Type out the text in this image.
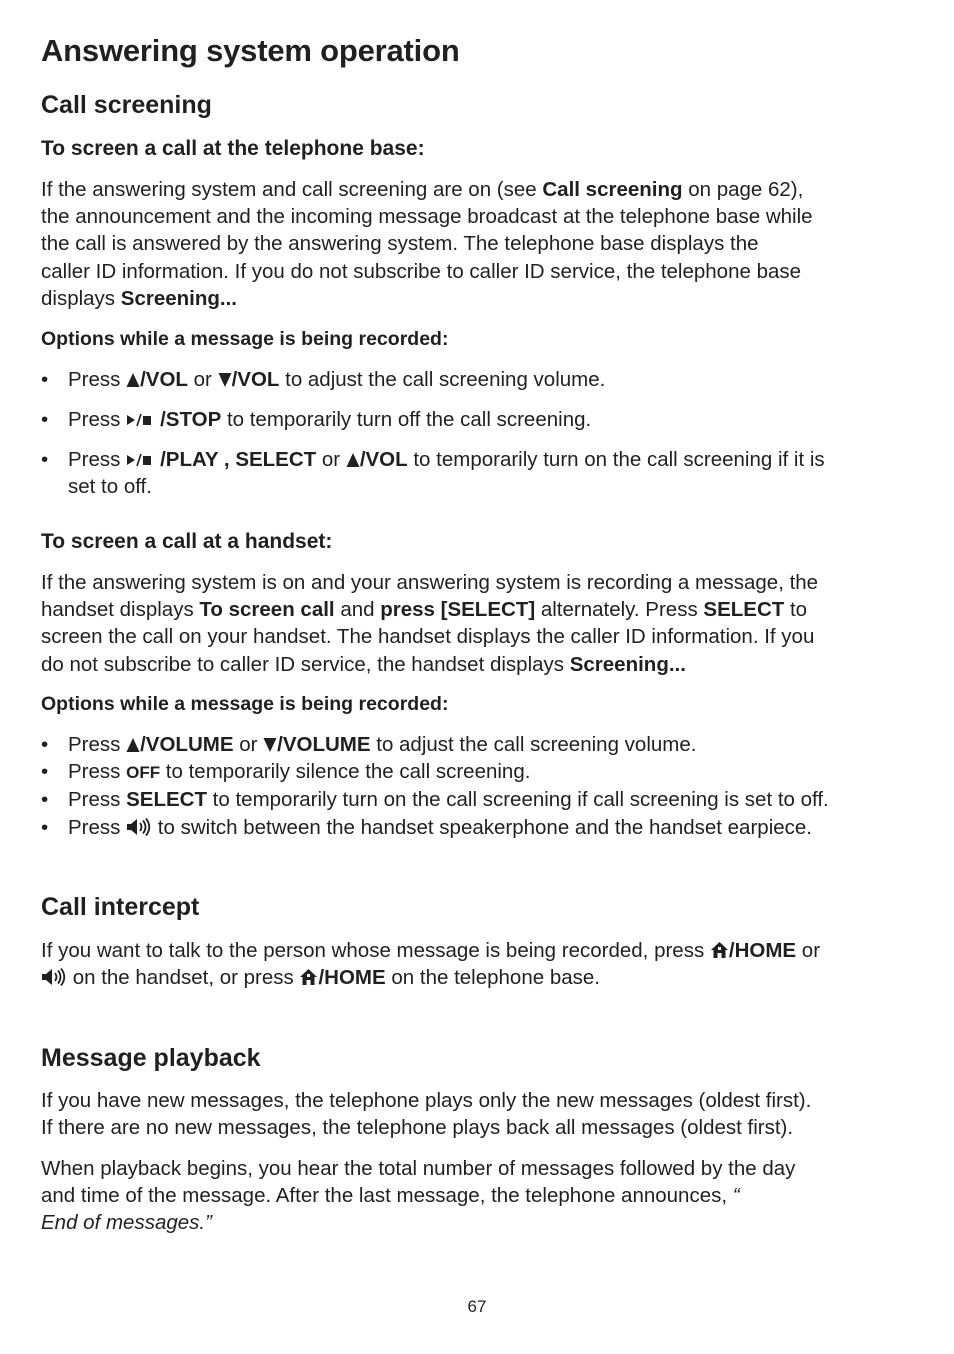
Answering system operation
Call screening
To screen a call at the telephone base:

If the answering system and call screening are on (see Call screening on page 62),
the announcement and the incoming message broadcast at the telephone base while
the call is answered by the answering system. The telephone base displays the
caller ID information. If you do not subscribe to caller ID service, the telephone base
displays Screening...

Options while a message is being recorded:
• Press /VOL or /VOL to adjust the call screening volume.
• Press /STOP to temporarily turn off the call screening.
• Press /PLAY , SELECT or /VOL to temporarily turn on the call screening if it is
set to off.
To screen a call at a handset:

If the answering system is on and your answering system is recording a message, the
handset displays To screen call and press [SELECT] alternately. Press SELECT to
screen the call on your handset. The handset displays the caller ID information. If you
do not subscribe to caller ID service, the handset displays Screening...

Options while a message is being recorded:
• Press /VOLUME or /VOLUME to adjust the call screening volume.
• Press OFF to temporarily silence the call screening.
• Press SELECT to temporarily turn on the call screening if call screening is set to off.
• Press  to switch between the handset speakerphone and the handset earpiece.
Call intercept

If you want to talk to the person whose message is being recorded, press /HOME or
on the handset, or press /HOME on the telephone base.

Message playback

If you have new messages, the telephone plays only the new messages (oldest first).
If there are no new messages, the telephone plays back all messages (oldest first).

When playback begins, you hear the total number of messages followed by the day
and time of the message. After the last message, the telephone announces, “
End of messages.”

67
